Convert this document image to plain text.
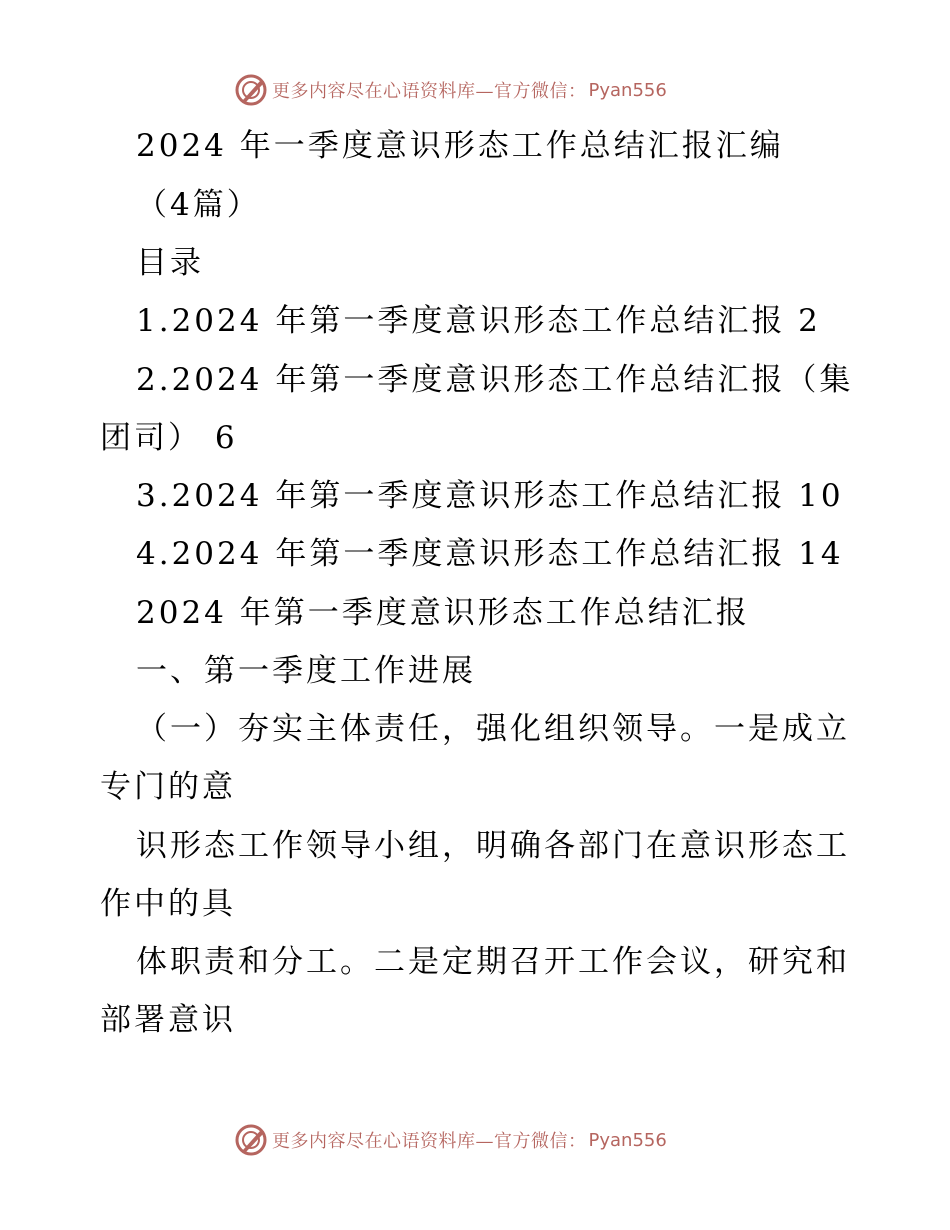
更多内容尽在心语资料库—官方微信： Pyan556
2024 年一季度意识形态工作总结汇报汇编
（4篇）
目录
1.2024 年第一季度意识形态工作总结汇报 2
2.2024 年第一季度意识形态工作总结汇报（集
团司） 6
3.2024 年第一季度意识形态工作总结汇报 10
4.2024 年第一季度意识形态工作总结汇报 14
2024 年第一季度意识形态工作总结汇报
一、第一季度工作进展
（一）夯实主体责任，强化组织领导。一是成立
专门的意
识形态工作领导小组，明确各部门在意识形态工
作中的具
体职责和分工。二是定期召开工作会议，研究和
部署意识
更多内容尽在心语资料库—官方微信： Pyan556
